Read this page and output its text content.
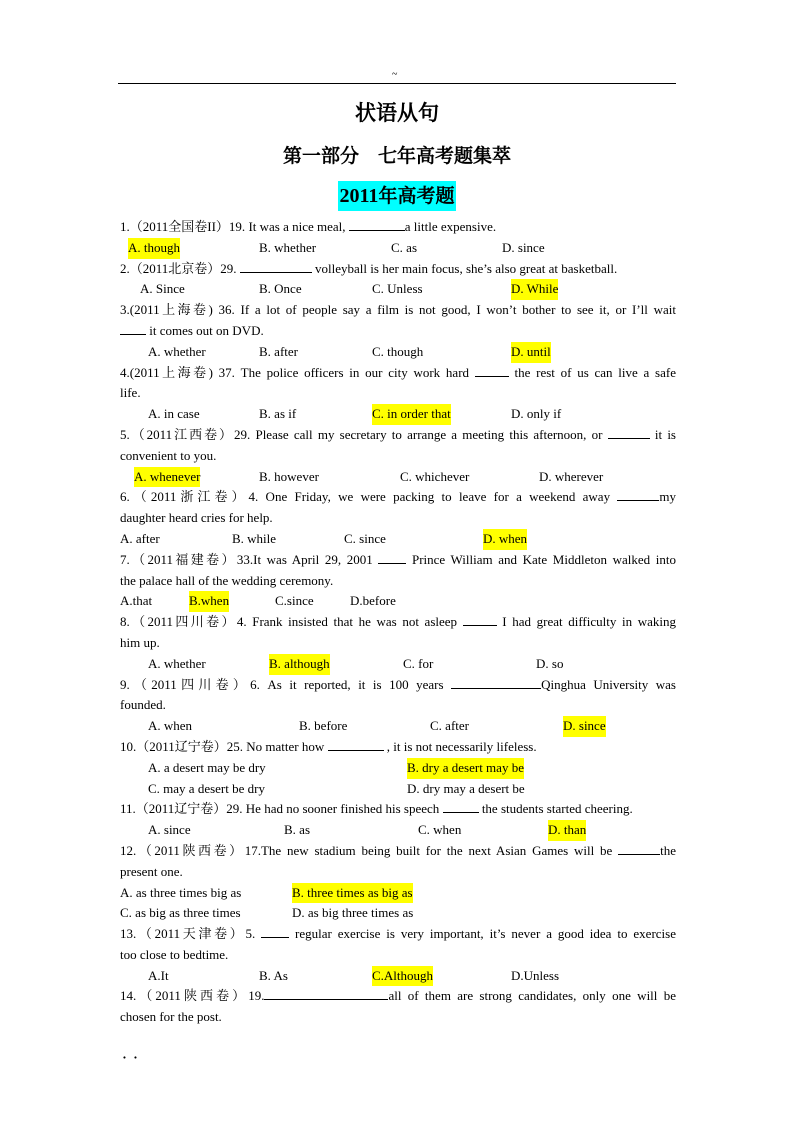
~
状语从句
第一部分　七年高考题集萃
2011年高考题
1.（2011全国卷II）19. It was a nice meal,	a little expensive.
A. though	B. whether	C. as	D. since
2.（2011北京卷）29.	volleyball is her main focus, she’s also great at basketball.
A. Since	B. Once	C. Unless	D. While
3.(2011上海卷) 36. If a lot of people say a film is not good, I won’t bother to see it, or I’ll wait
it comes out on DVD.
A. whether	B. after	C. though	D. until
4.(2011上海卷) 37. The police officers in our city work hard	the rest of us can live a safe
life.
A. in case	B. as if	C. in order that	D. only if
5.（2011江西卷）29. Please call my secretary to arrange a meeting this afternoon, or	it is
convenient to you.
A. whenever	B. however	C. whichever	D. wherever
6.（2011浙江卷）4. One Friday, we were packing to leave for a weekend away	my
daughter heard cries for help.
A. after	B. while	C. since	D. when
7.（2011福建卷）33.It was April 29, 2001  Prince William and Kate Middleton walked into
the palace hall of the wedding ceremony.
A.that	B.when	C.since	D.before
8.（2011四川卷）4. Frank insisted that he was not asleep	I had great difficulty in waking
him up.
A. whether	B. although	C. for	D. so
9.（2011四川卷）6. As it reported, it is 100 years	Qinghua University was
founded.
A. when	B. before	C. after	D. since
10.（2011辽宁卷）25. No matter how	, it is not necessarily lifeless.
A. a desert may be dry	B. dry a desert may be
C. may a desert be dry	D. dry may a desert be
11.（2011辽宁卷）29. He had no sooner finished his speech	the students started cheering.
A. since	B. as	C. when	D. than
12.（2011陕西卷）17.The new stadium being built for the next Asian Games will be	the
present one.
A. as three times big as	B. three times as big as
C. as big as three times	D. as big three times as
13.（2011天津卷）5.	regular exercise is very important, it’s never a good idea to exercise
too close to bedtime.
A.It	B. As	C.Although	D.Unless
14.（2011陕西卷）19.	all of them are strong candidates, only one will be
chosen for the post.
．．
